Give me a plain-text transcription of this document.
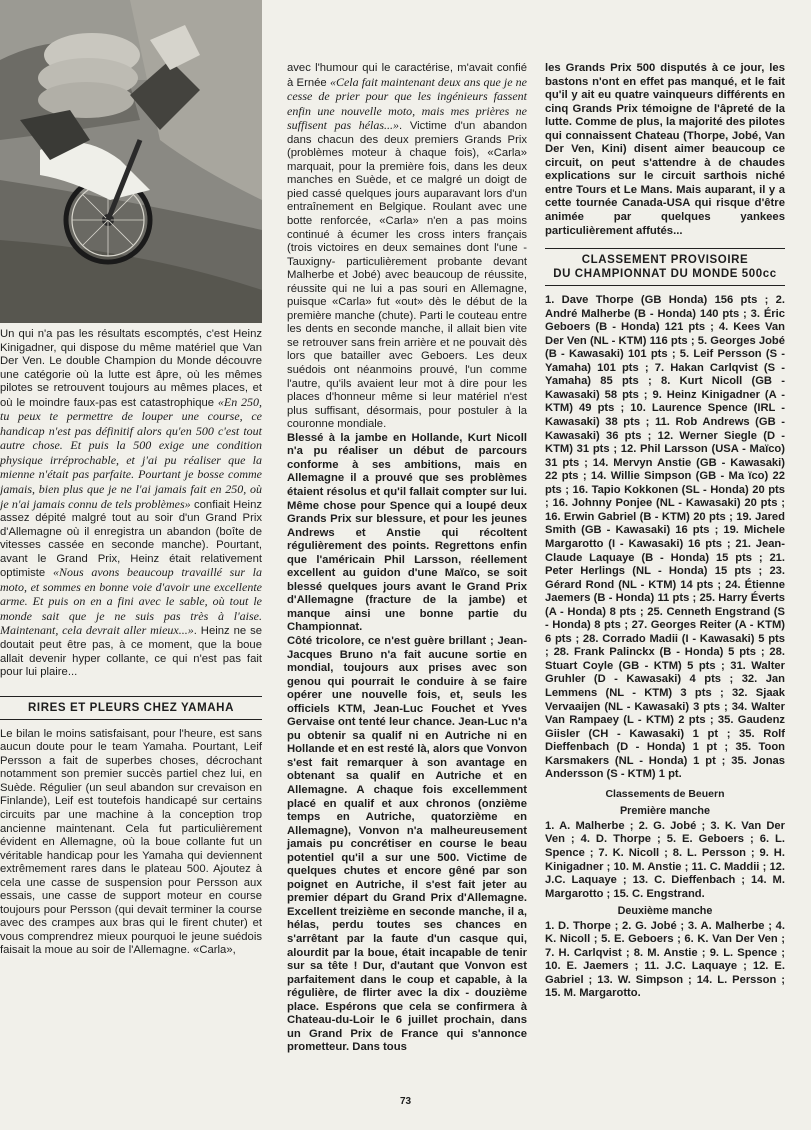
Un qui n'a pas les résultats escomptés, c'est Heinz Kinigadner, qui dispose du même matériel que Van Der Ven. Le double Champion du Monde découvre une catégorie où la lutte est âpre, où les mêmes pilotes se retrouvent toujours au mêmes places, et où le moindre faux-pas est catastrophique «En 250, tu peux te permettre de louper une course, ce handicap n'est pas définitif alors qu'en 500 c'est tout autre chose. Et puis la 500 exige une condition physique irréprochable, et j'ai pu réaliser que la mienne n'était pas parfaite. Pourtant je bosse comme jamais, bien plus que je ne l'ai jamais fait en 250, où je n'ai jamais connu de tels problèmes» confiait Heinz assez dépité malgré tout au soir d'un Grand Prix d'Allemagne où il enregistra un abandon (boîte de vitesses cassée en seconde manche). Pourtant, avant le Grand Prix, Heinz était relativement optimiste «Nous avons beaucoup travaillé sur la moto, et sommes en bonne voie d'avoir une excellente arme. Et puis on en a fini avec le sable, où tout le monde sait que je ne suis pas très à l'aise. Maintenant, cela devrait aller mieux...». Heinz ne se doutait peut être pas, à ce moment, que la boue allait devenir hyper collante, ce qui n'est pas fait pour lui plaire...

RIRES ET PLEURS CHEZ YAMAHA

Le bilan le moins satisfaisant, pour l'heure, est sans aucun doute pour le team Yamaha. Pourtant, Leif Persson a fait de superbes choses, décrochant notamment son premier succès partiel chez lui, en Suède. Régulier (un seul abandon sur crevaison en Finlande), Leif est toutefois handicapé sur certains circuits par une machine à la conception trop ancienne maintenant. Cela fut particulièrement évident en Allemagne, où la boue collante fut un véritable handicap pour les Yamaha qui deviennent extrêmement rares dans le plateau 500. Ajoutez à cela une casse de suspension pour Persson aux essais, une casse de support moteur en course toujours pour Persson (qui devait terminer la course avec des crampes aux bras qui le firent chuter) et vous comprendrez mieux pourquoi le jeune suédois faisait la moue au soir de l'Allemagne. «Carla»,

avec l'humour qui le caractérise, m'avait confié à Ernée «Cela fait maintenant deux ans que je ne cesse de prier pour que les ingénieurs fassent enfin une nouvelle moto, mais mes prières ne suffisent pas hélas...». Victime d'un abandon dans chacun des deux premiers Grands Prix (problèmes moteur à chaque fois), «Carla» marquait, pour la première fois, dans les deux manches en Suède, et ce malgré un doigt de pied cassé quelques jours auparavant lors d'un entraînement en Belgique. Roulant avec une botte renforcée, «Carla» n'en a pas moins continué à écumer les cross inters français (trois victoires en deux semaines dont l'une -Tauxigny- particulièrement probante devant Malherbe et Jobé) avec beaucoup de réussite, réussite qui ne lui a pas souri en Allemagne, puisque «Carla» fut «out» dès le début de la première manche (chute). Parti le couteau entre les dents en seconde manche, il allait bien vite se retrouver sans frein arrière et ne pouvait dès lors que batailler avec Geboers. Les deux suédois ont néanmoins prouvé, l'un comme l'autre, qu'ils avaient leur mot à dire pour les places d'honneur même si leur matériel n'est plus suffisant, désormais, pour postuler à la couronne mondiale.

Blessé à la jambe en Hollande, Kurt Nicoll n'a pu réaliser un début de parcours conforme à ses ambitions, mais en Allemagne il a prouvé que ses problèmes étaient résolus et qu'il fallait compter sur lui. Même chose pour Spence qui a loupé deux Grands Prix sur blessure, et pour les jeunes Andrews et Anstie qui récoltent régulièrement des points. Regrettons enfin que l'américain Phil Larsson, réellement excellent au guidon d'une Maïco, se soit blessé quelques jours avant le Grand Prix d'Allemagne (fracture de la jambe) et manque ainsi une bonne partie du Championnat.

Côté tricolore, ce n'est guère brillant ; Jean-Jacques Bruno n'a fait aucune sortie en mondial, toujours aux prises avec son genou qui pourrait le conduire à se faire opérer une nouvelle fois, et, seuls les officiels KTM, Jean-Luc Fouchet et Yves Gervaise ont tenté leur chance. Jean-Luc n'a pu obtenir sa qualif ni en Autriche ni en Hollande et en est resté là, alors que Vonvon s'est fait remarquer à son avantage en obtenant sa qualif en Autriche et en Allemagne. A chaque fois excellemment placé en qualif et aux chronos (onzième temps en Autriche, quatorzième en Allemagne), Vonvon n'a malheureusement jamais pu concrétiser en course le beau potentiel qu'il a sur une 500. Victime de quelques chutes et encore gêné par son poignet en Autriche, il s'est fait jeter au premier départ du Grand Prix d'Allemagne. Excellent treizième en seconde manche, il a, hélas, perdu toutes ses chances en s'arrêtant par la faute d'un casque qui, alourdit par la boue, était incapable de tenir sur sa tête ! Dur, d'autant que Vonvon est parfaitement dans le coup et capable, à la régulière, de flirter avec la dix - douzième place. Espérons que cela se confirmera à Chateau-du-Loir le 6 juillet prochain, dans un Grand Prix de France qui s'annonce prometteur. Dans tous

les Grands Prix 500 disputés à ce jour, les bastons n'ont en effet pas manqué, et le fait qu'il y ait eu quatre vainqueurs différents en cinq Grands Prix témoigne de l'âpreté de la lutte. Comme de plus, la majorité des pilotes qui connaissent Chateau (Thorpe, Jobé, Van Der Ven, Kini) disent aimer beaucoup ce circuit, on peut s'attendre à de chaudes explications sur le circuit sarthois niché entre Tours et Le Mans. Mais auparant, il y a cette tournée Canada-USA qui risque d'être animée par quelques yankees particulièrement affutés...

CLASSEMENT PROVISOIRE
DU CHAMPIONNAT DU MONDE 500cc

1. Dave Thorpe (GB Honda) 156 pts ; 2. André Malherbe (B - Honda) 140 pts ; 3. Éric Geboers (B - Honda) 121 pts ; 4. Kees Van Der Ven (NL - KTM) 116 pts ; 5. Georges Jobé (B - Kawasaki) 101 pts ; 5. Leif Persson (S - Yamaha) 101 pts ; 7. Hakan Carlqvist (S - Yamaha) 85 pts ; 8. Kurt Nicoll (GB - Kawasaki) 58 pts ; 9. Heinz Kinigadner (A - KTM) 49 pts ; 10. Laurence Spence (IRL - Kawasaki) 38 pts ; 11. Rob Andrews (GB - Kawasaki) 36 pts ; 12. Werner Siegle (D - KTM) 31 pts ; 12. Phil Larsson (USA - Maïco) 31 pts ; 14. Mervyn Anstie (GB - Kawasaki) 22 pts ; 14. Willie Simpson (GB - Ma ïco) 22 pts ; 16. Tapio Kokkonen (SL - Honda) 20 pts ; 16. Johnny Ponjee (NL - Kawasaki) 20 pts ; 16. Erwin Gabriel (B - KTM) 20 pts ; 19. Jared Smith (GB - Kawasaki) 16 pts ; 19. Michele Margarotto (I - Kawasaki) 16 pts ; 21. Jean-Claude Laquaye (B - Honda) 15 pts ; 21. Peter Herlings (NL - Honda) 15 pts ; 23. Gérard Rond (NL - KTM) 14 pts ; 24. Étienne Jaemers (B - Honda) 11 pts ; 25. Harry Éverts (A - Honda) 8 pts ; 25. Cenneth Engstrand (S - Honda) 8 pts ; 27. Georges Reiter (A - KTM) 6 pts ; 28. Corrado Madii (I - Kawasaki) 5 pts ; 28. Frank Palinckx (B - Honda) 5 pts ; 28. Stuart Coyle (GB - KTM) 5 pts ; 31. Walter Gruhler (D - Kawasaki) 4 pts ; 32. Jan Lemmens (NL - KTM) 3 pts ; 32. Sjaak Vervaaijen (NL - Kawasaki) 3 pts ; 34. Walter Van Rampaey (L - KTM) 2 pts ; 35. Gaudenz Giisler (CH - Kawasaki) 1 pt ; 35. Rolf Dieffenbach (D - Honda) 1 pt ; 35. Toon Karsmakers (NL - Honda) 1 pt ; 35. Jonas Andersson (S - KTM) 1 pt.

Classements de Beuern
Première manche

1. A. Malherbe ; 2. G. Jobé ; 3. K. Van Der Ven ; 4. D. Thorpe ; 5. E. Geboers ; 6. L. Spence ; 7. K. Nicoll ; 8. L. Persson ; 9. H. Kinigadner ; 10. M. Anstie ; 11. C. Maddii ; 12. J.C. Laquaye ; 13. C. Dieffenbach ; 14. M. Margarotto ; 15. C. Engstrand.

Deuxième manche

1. D. Thorpe ; 2. G. Jobé ; 3. A. Malherbe ; 4. K. Nicoll ; 5. E. Geboers ; 6. K. Van Der Ven ; 7. H. Carlqvist ; 8. M. Anstie ; 9. L. Spence ; 10. E. Jaemers ; 11. J.C. Laquaye ; 12. E. Gabriel ; 13. W. Simpson ; 14. L. Persson ; 15. M. Margarotto.

73
